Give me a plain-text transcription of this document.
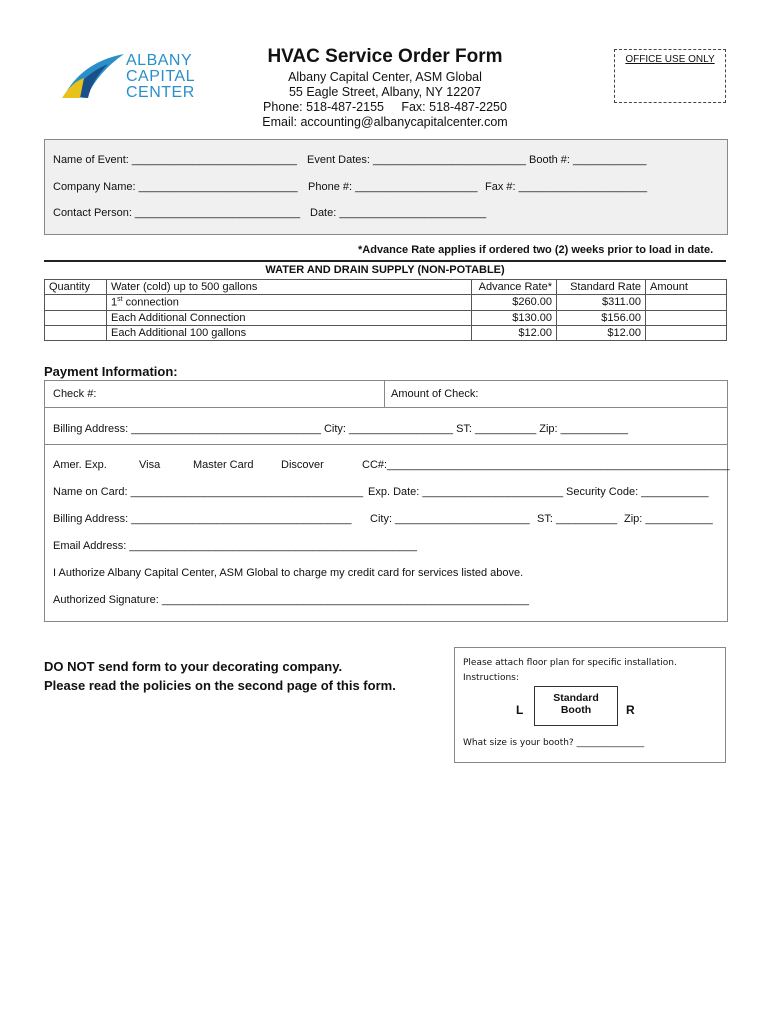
ALBANY
CAPITAL
CENTER
HVAC Service Order Form
Albany Capital Center, ASM Global
55 Eagle Street, Albany, NY 12207
Phone: 518-487-2155     Fax: 518-487-2250
Email: accounting@albanycapitalcenter.com
OFFICE USE ONLY
Name of Event: ___________________________ Event Dates: _________________________ Booth #: ____________
Company Name: __________________________ Phone #: ____________________ Fax #: _____________________
Contact Person: ___________________________ Date: ________________________
*Advance Rate applies if ordered two (2) weeks prior to load in date.
WATER AND DRAIN SUPPLY (NON-POTABLE)
Quantity	Water (cold) up to 500 gallons	Advance Rate*	Standard Rate	Amount
	1st connection	$260.00	$311.00	
	Each Additional Connection	$130.00	$156.00	
	Each Additional 100 gallons	$12.00	$12.00	
Payment Information:
Check #:	Amount of Check:
Billing Address: _______________________________ City: _________________ ST: __________ Zip: ___________
Amer. Exp.	Visa	Master Card Discover	CC#:________________________________________________________
Name on Card: ______________________________________ Exp. Date: _______________________ Security Code: ___________
Billing Address: ____________________________________ City: ______________________ ST: __________ Zip: ___________
Email Address: _______________________________________________
I Authorize Albany Capital Center, ASM Global to charge my credit card for services listed above.
Authorized Signature: ____________________________________________________________
DO NOT send form to your decorating company.
Please read the policies on the second page of this form.
Please attach floor plan for specific installation.
Instructions:
L
Standard
Booth	R
What size is your booth? _______________
